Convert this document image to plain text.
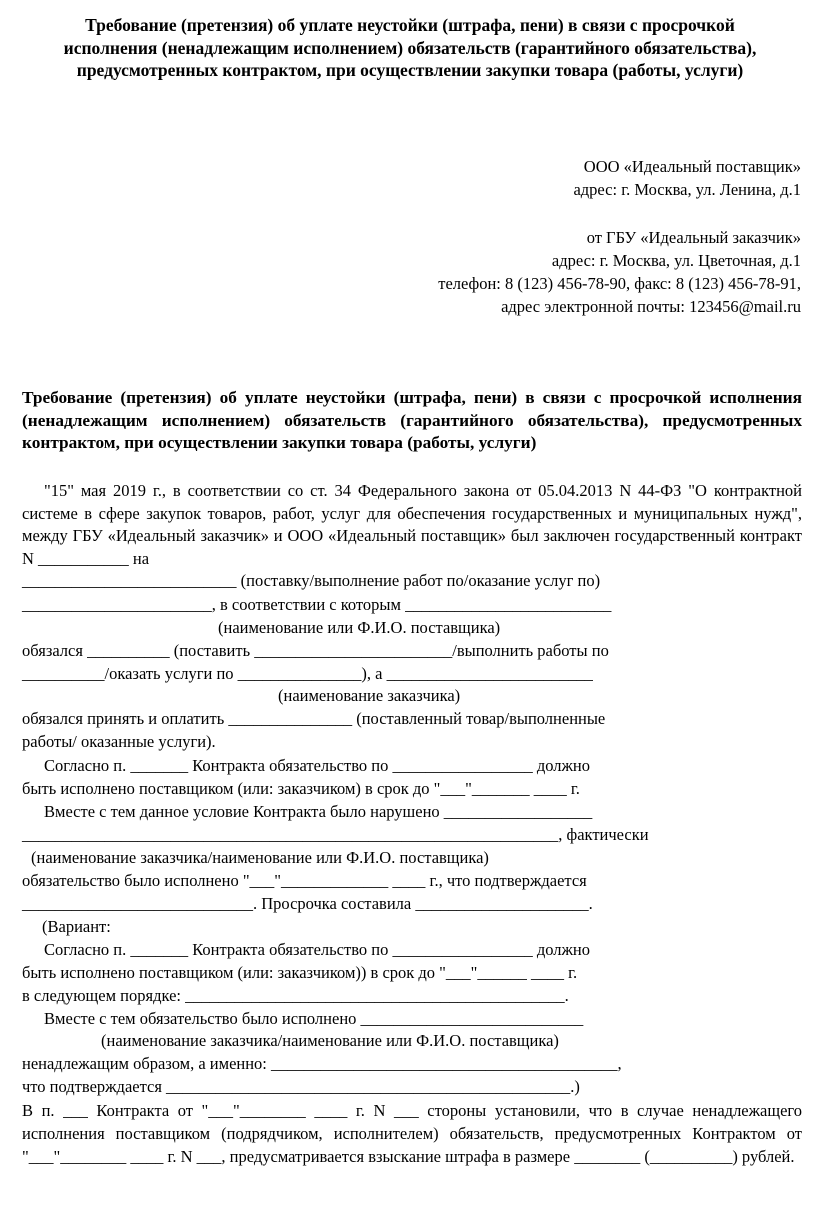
Требование (претензия) об уплате неустойки (штрафа, пени) в связи с просрочкой исполнения (ненадлежащим исполнением) обязательств (гарантийного обязательства), предусмотренных контрактом, при осуществлении закупки товара (работы, услуги)
ООО «Идеальный поставщик»
адрес: г. Москва, ул. Ленина, д.1
от ГБУ «Идеальный заказчик»
адрес: г. Москва, ул. Цветочная, д.1
телефон: 8 (123) 456-78-90, факс: 8 (123) 456-78-91,
адрес электронной почты: 123456@mail.ru
Требование (претензия) об уплате неустойки (штрафа, пени) в связи с просрочкой исполнения (ненадлежащим исполнением) обязательств (гарантийного обязательства), предусмотренных контрактом, при осуществлении закупки товара (работы, услуги)
"15" мая 2019 г., в соответствии со ст. 34 Федерального закона от 05.04.2013 N 44-ФЗ "О контрактной системе в сфере закупок товаров, работ, услуг для обеспечения государственных и муниципальных нужд", между ГБУ «Идеальный заказчик» и ООО «Идеальный поставщик» был заключен государственный контракт N ___________ на
__________________________ (поставку/выполнение работ по/оказание услуг по)
_______________________, в соответствии с которым _________________________
(наименование или Ф.И.О. поставщика)
обязался __________ (поставить ________________________/выполнить работы по
__________/оказать услуги по _______________), а _________________________
(наименование заказчика)
обязался принять и оплатить _______________ (поставленный товар/выполненные
работы/ оказанные услуги).
Согласно п. _______ Контракта обязательство по _________________ должно
быть исполнено поставщиком (или: заказчиком) в срок до "___"_______ ____ г.
Вместе с тем данное условие Контракта было нарушено __________________
_________________________________________________________________, фактически
(наименование заказчика/наименование или Ф.И.О. поставщика)
обязательство было исполнено "___"_____________ ____ г., что подтверждается
____________________________. Просрочка составила _____________________.
(Вариант:
Согласно п. _______ Контракта обязательство по _________________ должно
быть исполнено поставщиком (или: заказчиком)) в срок до "___"______ ____ г.
в следующем порядке: ______________________________________________.
Вместе с тем обязательство было исполнено ___________________________
(наименование заказчика/наименование или Ф.И.О. поставщика)
ненадлежащим образом, а именно: __________________________________________,
что подтверждается _________________________________________________.)
В п. ___ Контракта от "___"________ ____ г. N ___ стороны установили, что в случае ненадлежащего исполнения поставщиком (подрядчиком, исполнителем) обязательств, предусмотренных Контрактом от "___"________ ____ г. N ___, предусматривается взыскание штрафа в размере ________ (__________) рублей.
